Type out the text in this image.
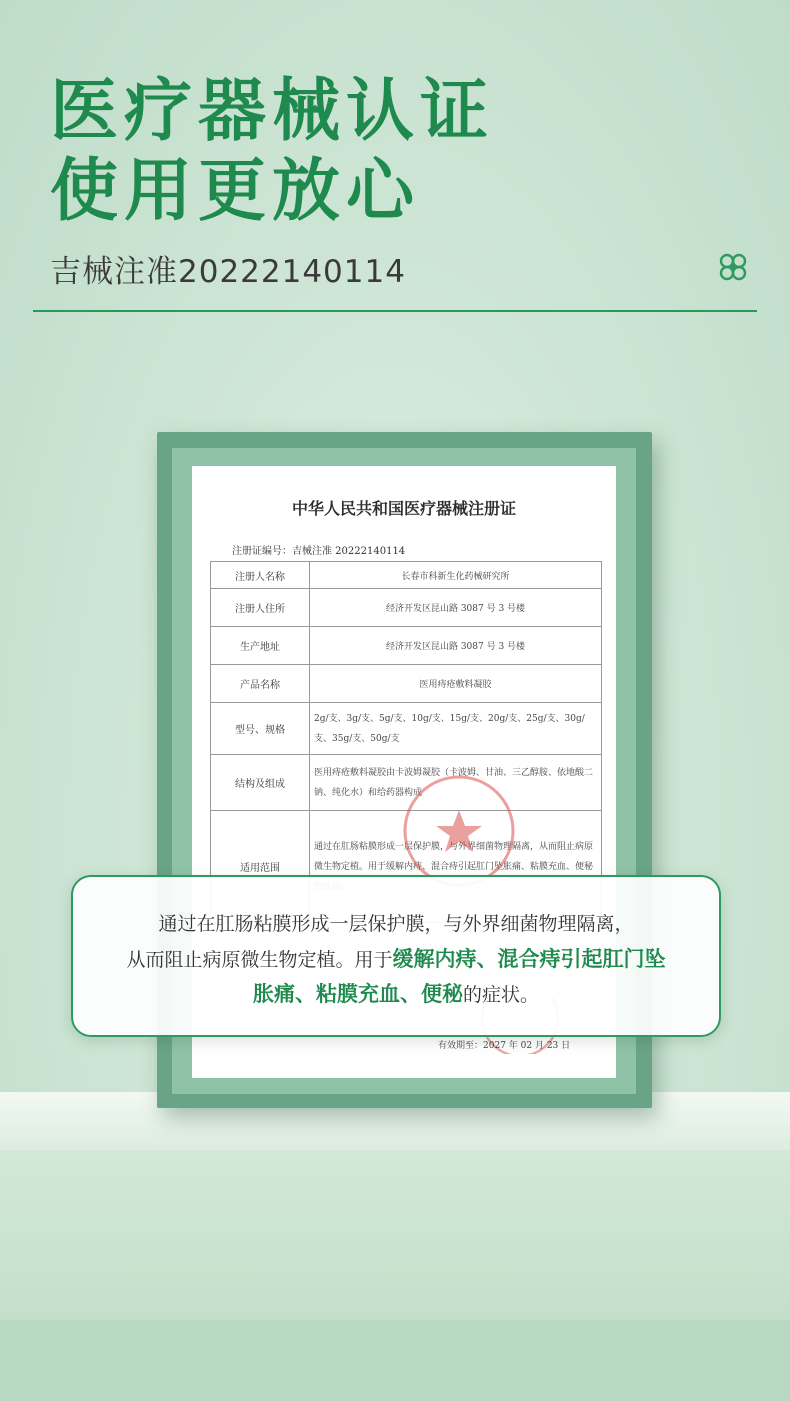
医疗器械认证
使用更放心
吉械注准20222140114
中华人民共和国医疗器械注册证
注册证编号：吉械注准 20222140114
注册人名称	长春市科新生化药械研究所
注册人住所	经济开发区昆山路 3087 号 3 号楼
生产地址	经济开发区昆山路 3087 号 3 号楼
产品名称	医用痔疮敷料凝胶
型号、规格	2g/支、3g/支、5g/支、10g/支、15g/支、20g/支、25g/支、30g/支、35g/支、50g/支
结构及组成	医用痔疮敷料凝胶由卡波姆凝胶（卡波姆、甘油、三乙醇胺、依地酸二钠、纯化水）和给药器构成
适用范围	通过在肛肠粘膜形成一层保护膜，与外界细菌物理隔离，从而阻止病原微生物定植。用于缓解内痔、混合痔引起肛门坠胀痛、粘膜充血、便秘
有效期至：2027 年 02 月 23 日
通过在肛肠粘膜形成一层保护膜，与外界细菌物理隔离，
从而阻止病原微生物定植。用于缓解内痔、混合痔引起肛门坠
胀痛、粘膜充血、便秘的症状。
